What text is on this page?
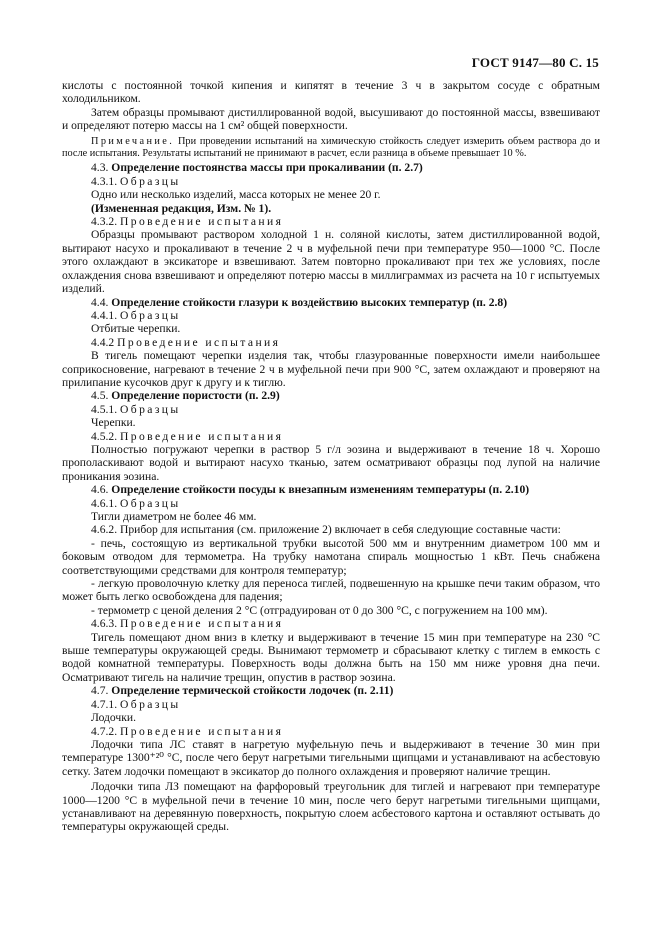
ГОСТ 9147—80 С. 15

кислоты с постоянной точкой кипения и кипятят в течение 3 ч в закрытом сосуде с обратным холодильником.

Затем образцы промывают дистиллированной водой, высушивают до постоянной массы, взвешивают и определяют потерю массы на 1 см² общей поверхности.

Примечание. При проведении испытаний на химическую стойкость следует измерить объем раствора до и после испытания. Результаты испытаний не принимают в расчет, если разница в объеме превышает 10 %.

4.3. Определение постоянства массы при прокаливании (п. 2.7)

4.3.1. Образцы

Одно или несколько изделий, масса которых не менее 20 г.

(Измененная редакция, Изм. № 1).

4.3.2. Проведение испытания

Образцы промывают раствором холодной 1 н. соляной кислоты, затем дистиллированной водой, вытирают насухо и прокаливают в течение 2 ч в муфельной печи при температуре 950—1000 °С. После этого охлаждают в эксикаторе и взвешивают. Затем повторно прокаливают при тех же условиях, после охлаждения снова взвешивают и определяют потерю массы в миллиграммах из расчета на 10 г испытуемых изделий.

4.4. Определение стойкости глазури к воздействию высоких температур (п. 2.8)

4.4.1. Образцы

Отбитые черепки.

4.4.2 Проведение испытания

В тигель помещают черепки изделия так, чтобы глазурованные поверхности имели наибольшее соприкосновение, нагревают в течение 2 ч в муфельной печи при 900 °С, затем охлаждают и проверяют на прилипание кусочков друг к другу и к тиглю.

4.5. Определение пористости (п. 2.9)

4.5.1. Образцы

Черепки.

4.5.2. Проведение испытания

Полностью погружают черепки в раствор 5 г/л эозина и выдерживают в течение 18 ч. Хорошо прополаскивают водой и вытирают насухо тканью, затем осматривают образцы под лупой на наличие проникания эозина.

4.6. Определение стойкости посуды к внезапным изменениям температуры (п. 2.10)

4.6.1. Образцы

Тигли диаметром не более 46 мм.

4.6.2. Прибор для испытания (см. приложение 2) включает в себя следующие составные части:

- печь, состоящую из вертикальной трубки высотой 500 мм и внутренним диаметром 100 мм и боковым отводом для термометра. На трубку намотана спираль мощностью 1 кВт. Печь снабжена соответствующими средствами для контроля температур;

- легкую проволочную клетку для переноса тиглей, подвешенную на крышке печи таким образом, что может быть легко освобождена для падения;

- термометр с ценой деления 2 °С (отградуирован от 0 до 300 °С, с погружением на 100 мм).

4.6.3. Проведение испытания

Тигель помещают дном вниз в клетку и выдерживают в течение 15 мин при температуре на 230 °С выше температуры окружающей среды. Вынимают термометр и сбрасывают клетку с тиглем в емкость с водой комнатной температуры. Поверхность воды должна быть на 150 мм ниже уровня дна печи. Осматривают тигель на наличие трещин, опустив в раствор эозина.

4.7. Определение термической стойкости лодочек (п. 2.11)

4.7.1. Образцы

Лодочки.

4.7.2. Проведение испытания

Лодочки типа ЛС ставят в нагретую муфельную печь и выдерживают в течение 30 мин при температуре 1300⁺²⁰ °С, после чего берут нагретыми тигельными щипцами и устанавливают на асбестовую сетку. Затем лодочки помещают в эксикатор до полного охлаждения и проверяют наличие трещин.

Лодочки типа ЛЗ помещают на фарфоровый треугольник для тиглей и нагревают при температуре 1000—1200 °С в муфельной печи в течение 10 мин, после чего берут нагретыми тигельными щипцами, устанавливают на деревянную поверхность, покрытую слоем асбестового картона и оставляют остывать до температуры окружающей среды.
